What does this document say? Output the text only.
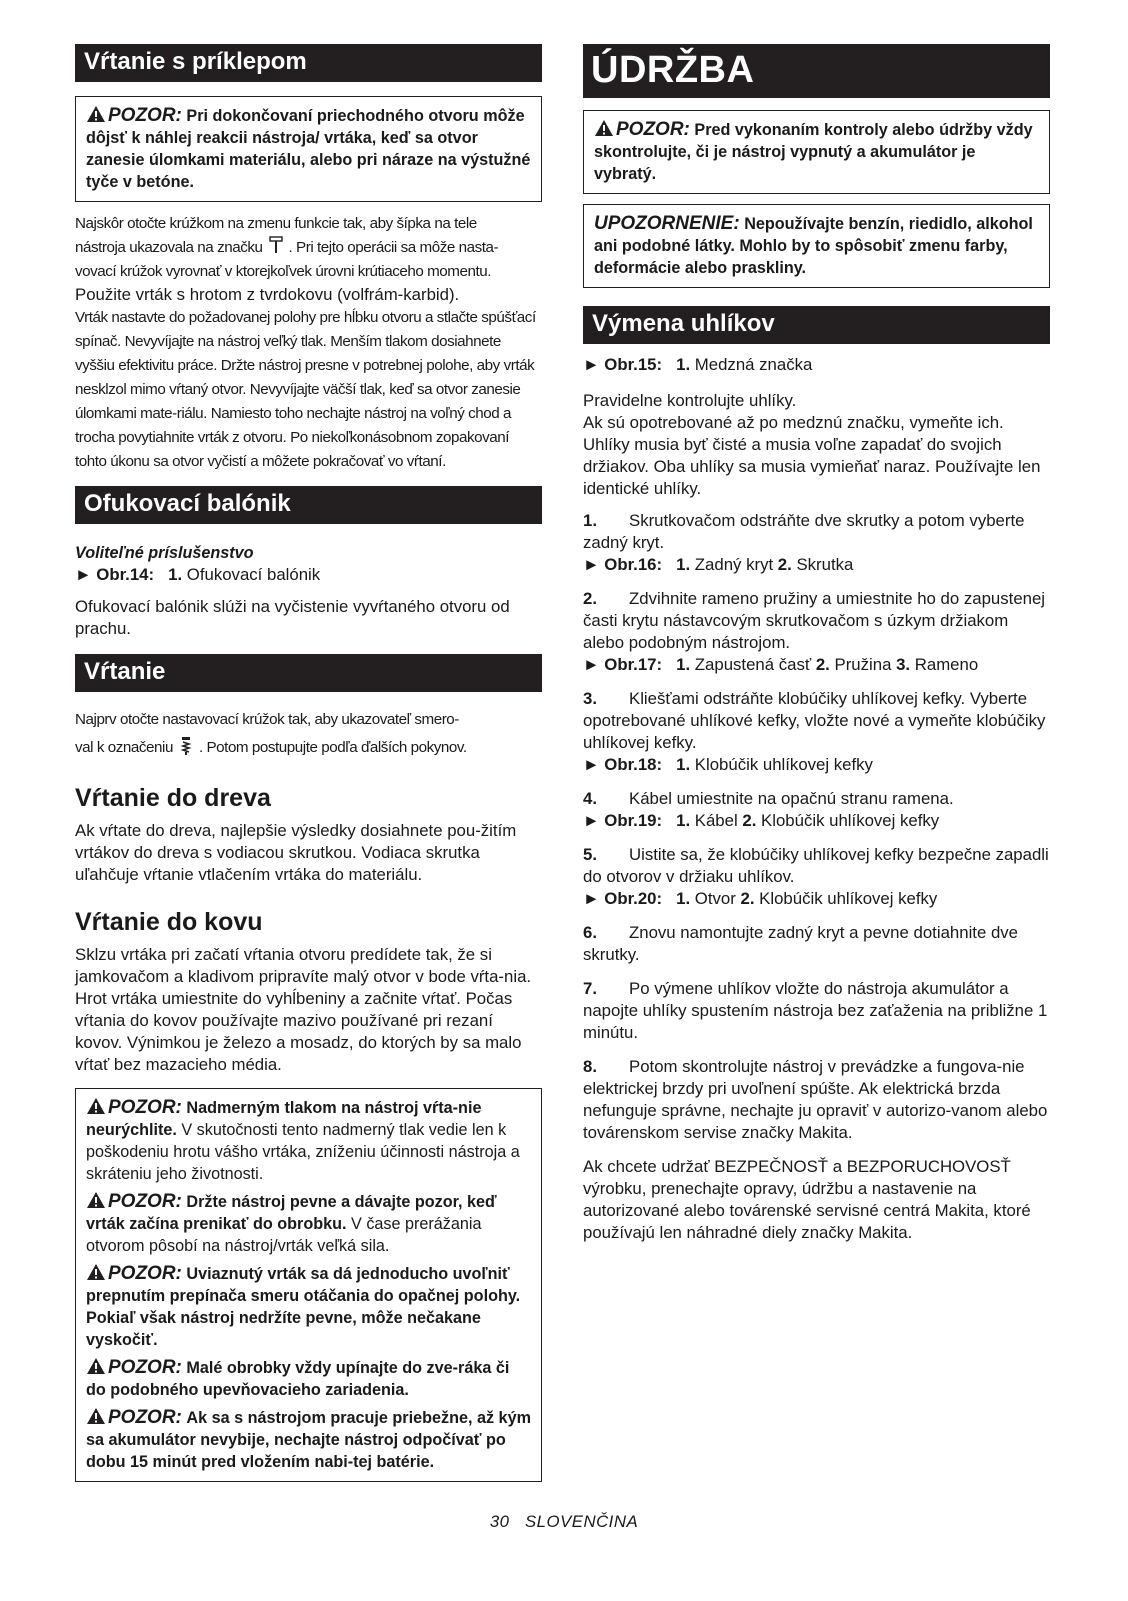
Vŕtanie s príklepom

POZOR: Pri dokončovaní priechodného otvoru môže dôjsť k náhlej reakcii nástroja/ vrtáka, keď sa otvor zanesie úlomkami materiálu, alebo pri náraze na výstužné tyče v betóne.

Najskôr otočte krúžkom na zmenu funkcie tak, aby šípka na tele
nástroja ukazovala na značku . Pri tejto operácii sa môže nasta-
vovací krúžok vyrovnať v ktorejkoľvek úrovni krútiaceho momentu.

Použite vrták s hrotom z tvrdokovu (volfrám-karbid).

Vrták nastavte do požadovanej polohy pre hĺbku otvoru a stlačte spúšťací spínač. Nevyvíjajte na nástroj veľký tlak. Menším tlakom dosiahnete vyššiu efektivitu práce. Držte nástroj presne v potrebnej polohe, aby vrták nesklzol mimo vŕtaný otvor. Nevyvíjajte väčší tlak, keď sa otvor zanesie úlomkami mate-riálu. Namiesto toho nechajte nástroj na voľný chod a trocha povytiahnite vrták z otvoru. Po niekoľkonásobnom zopakovaní tohto úkonu sa otvor vyčistí a môžete pokračovať vo vŕtaní.
Ofukovací balónik
Voliteľné príslušenstvo

► Obr.14: 1. Ofukovací balónik

Ofukovací balónik slúži na vyčistenie vyvŕtaného otvoru od prachu.

Vŕtanie
Najprv otočte nastavovací krúžok tak, aby ukazovateľ smero-
val k označeniu . Potom postupujte podľa ďalších pokynov.
Vŕtanie do dreva

Ak vŕtate do dreva, najlepšie výsledky dosiahnete pou-žitím vrtákov do dreva s vodiacou skrutkou. Vodiaca skrutka uľahčuje vŕtanie vtlačením vrtáka do materiálu.

Vŕtanie do kovu

Sklzu vrtáka pri začatí vŕtania otvoru predídete tak, že si jamkovačom a kladivom pripravíte malý otvor v bode vŕta-nia. Hrot vrtáka umiestnite do vyhĺbeniny a začnite vŕtať. Počas vŕtania do kovov používajte mazivo používané pri rezaní kovov. Výnimkou je železo a mosadz, do ktorých by sa malo vŕtať bez mazacieho média.

POZOR: Nadmerným tlakom na nástroj vŕta-nie neurýchlite. V skutočnosti tento nadmerný tlak vedie len k poškodeniu hrotu vášho vrtáka, zníženiu účinnosti nástroja a skráteniu jeho životnosti.

POZOR: Držte nástroj pevne a dávajte pozor, keď vrták začína prenikať do obrobku. V čase prerážania otvorom pôsobí na nástroj/vrták veľká sila.

POZOR: Uviaznutý vrták sa dá jednoducho uvoľniť prepnutím prepínača smeru otáčania do opačnej polohy. Pokiaľ však nástroj nedržíte pevne, môže nečakane vyskočiť.

POZOR: Malé obrobky vždy upínajte do zve-ráka či do podobného upevňovacieho zariadenia.

POZOR: Ak sa s nástrojom pracuje priebežne, až kým sa akumulátor nevybije, nechajte nástroj odpočívať po dobu 15 minút pred vložením nabi-tej batérie.

ÚDRŽBA

POZOR: Pred vykonaním kontroly alebo údržby vždy skontrolujte, či je nástroj vypnutý a akumulátor je vybratý.

UPOZORNENIE: Nepoužívajte benzín, riedidlo, alkohol ani podobné látky. Mohlo by to spôsobiť zmenu farby, deformácie alebo praskliny.

Výmena uhlíkov

► Obr.15: 1. Medzná značka

Pravidelne kontrolujte uhlíky.

Ak sú opotrebované až po medznú značku, vymeňte ich. Uhlíky musia byť čisté a musia voľne zapadať do svojich držiakov. Oba uhlíky sa musia vymieňať naraz. Používajte len identické uhlíky.

1. Skrutkovačom odstráňte dve skrutky a potom vyberte zadný kryt.

► Obr.16: 1. Zadný kryt 2. Skrutka

2. Zdvihnite rameno pružiny a umiestnite ho do zapustenej časti krytu nástavcovým skrutkovačom s úzkym držiakom alebo podobným nástrojom.

► Obr.17: 1. Zapustená časť 2. Pružina 3. Rameno

3. Kliešťami odstráňte klobúčiky uhlíkovej kefky. Vyberte opotrebované uhlíkové kefky, vložte nové a vymeňte klobúčiky uhlíkovej kefky.

► Obr.18: 1. Klobúčik uhlíkovej kefky

4. Kábel umiestnite na opačnú stranu ramena.

► Obr.19: 1. Kábel 2. Klobúčik uhlíkovej kefky

5. Uistite sa, že klobúčiky uhlíkovej kefky bezpečne zapadli do otvorov v držiaku uhlíkov.

► Obr.20: 1. Otvor 2. Klobúčik uhlíkovej kefky

6. Znovu namontujte zadný kryt a pevne dotiahnite dve skrutky.

7. Po výmene uhlíkov vložte do nástroja akumulátor a napojte uhlíky spustením nástroja bez zaťaženia na približne 1 minútu.

8. Potom skontrolujte nástroj v prevádzke a fungova-nie elektrickej brzdy pri uvoľnení spúšte. Ak elektrická brzda nefunguje správne, nechajte ju opraviť v autorizo-vanom alebo továrenskom servise značky Makita.

Ak chcete udržať BEZPEČNOSŤ a BEZPORUCHOVOSŤ výrobku, prenechajte opravy, údržbu a nastavenie na autorizované alebo továrenské servisné centrá Makita, ktoré používajú len náhradné diely značky Makita.

30 SLOVENČINA
